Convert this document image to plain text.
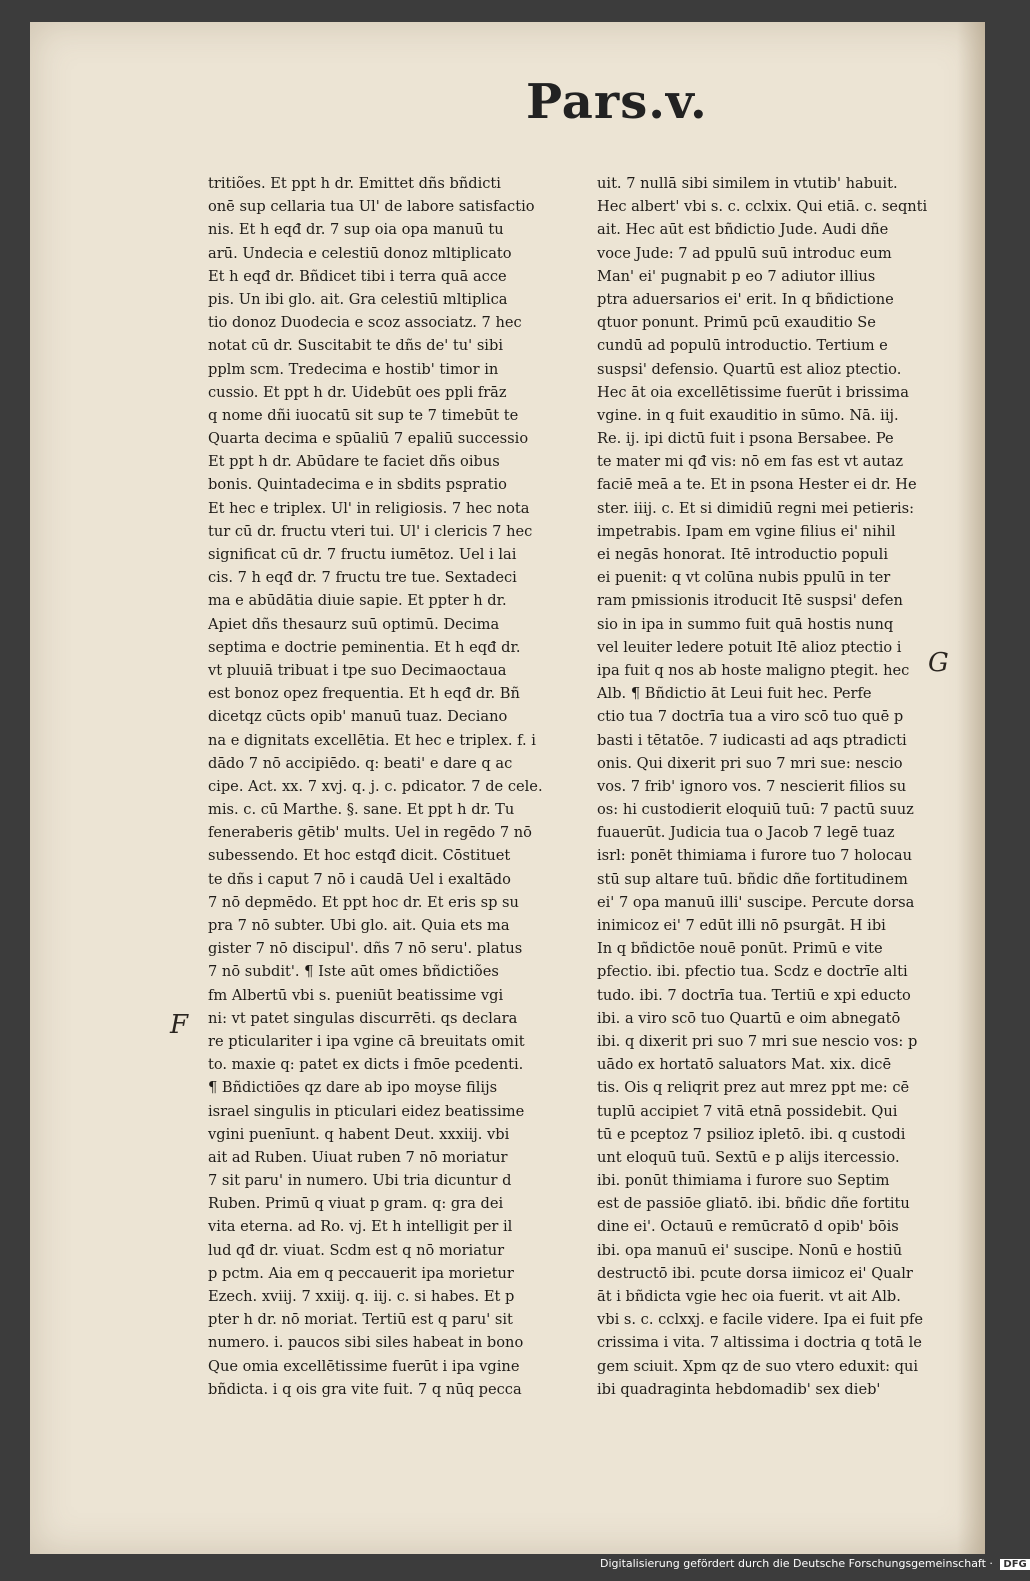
Pars.v.
tritiões. Et ppt h dr. Emittet dñs bñdicti
onē sup cellaria tua Ul' de labore satisfactio
nis. Et h eqđ dr. 7 sup oia opa manuū tu
arū. Undecia e celestiū donoz mltiplicato
Et h eqđ dr. Bñdicet tibi i terra quā acce
pis. Un ibi glo. ait. Gra celestiū mltiplica
tio donoz Duodecia e scoz associatz. 7 hec
notat cū dr. Suscitabit te dñs de' tu' sibi
pplm scm. Tredecima e hostib' timor in
cussio. Et ppt h dr. Uidebūt oes ppli frāz
q nome dñi iuocatū sit sup te 7 timebūt te
Quarta decima e spūaliū 7 epaliū successio
Et ppt h dr. Abūdare te faciet dñs oibus
bonis. Quintadecima e in sbdits pspratio
Et hec e triplex. Ul' in religiosis. 7 hec nota
tur cū dr. fructu vteri tui. Ul' i clericis 7 hec
significat cū dr. 7 fructu iumētoz. Uel i lai
cis. 7 h eqđ dr. 7 fructu tre tue. Sextadeci
ma e abūdātia diuie sapie. Et ppter h dr.
Apiet dñs thesaurz suū optimū. Decima
septima e doctrie peminentia. Et h eqđ dr.
vt pluuiā tribuat i tpe suo Decimaoctaua
est bonoz opez frequentia. Et h eqđ dr. Bñ
dicetqz cūcts opib' manuū tuaz. Deciano
na e dignitats excellētia. Et hec e triplex. f. i
dādo 7 nō accipiēdo. q: beati' e dare q ac
cipe. Act. xx. 7 xvj. q. j. c. pdicator. 7 de cele.
mis. c. cū Marthe. §. sane. Et ppt h dr. Tu
feneraberis gētib' mults. Uel in regēdo 7 nō
subessendo. Et hoc estqđ dicit. Cōstituet
te dñs i caput 7 nō i caudā Uel i exaltādo
7 nō depmēdo. Et ppt hoc dr. Et eris sp su
pra 7 nō subter. Ubi glo. ait. Quia ets ma
gister 7 nō discipul'. dñs 7 nō seru'. platus
7 nō subdit'. ¶ Iste aūt omes bñdictiões
fm Albertū vbi s. pueniūt beatissime vgi
ni: vt patet singulas discurrēti. qs declara
re pticulariter i ipa vgine cā breuitats omit
to. maxie q: patet ex dicts i fmōe pcedenti.
¶ Bñdictiōes qz dare ab ipo moyse filijs
israel singulis in pticulari eidez beatissime
vgini puenīunt. q habent Deut. xxxiij. vbi
ait ad Ruben. Uiuat ruben 7 nō moriatur
7 sit paru' in numero. Ubi tria dicuntur d
Ruben. Primū q viuat p gram. q: gra dei
vita eterna. ad Ro. vj. Et h intelligit per il
lud qđ dr. viuat. Scdm est q nō moriatur
p pctm. Aia em q peccauerit ipa morietur
Ezech. xviij. 7 xxiij. q. iij. c. si habes. Et p
pter h dr. nō moriat. Tertiū est q paru' sit
numero. i. paucos sibi siles habeat in bono
Que omia excellētissime fuerūt i ipa vgine
bñdicta. i q ois gra vite fuit. 7 q nūq pecca
uit. 7 nullā sibi similem in vtutib' habuit.
Hec albert' vbi s. c. cclxix. Qui etiā. c. seqnti
ait. Hec aūt est bñdictio Jude. Audi dñe
voce Jude: 7 ad ppulū suū introduc eum
Man' ei' pugnabit p eo 7 adiutor illius
ptra aduersarios ei' erit. In q bñdictione
qtuor ponunt. Primū pcū exauditio Se
cundū ad populū introductio. Tertium e
suspsi' defensio. Quartū est alioz ptectio.
Hec āt oia excellētissime fuerūt i brissima
vgine. in q fuit exauditio in sūmo. Nā. iij.
Re. ij. ipi dictū fuit i psona Bersabee. Pe
te mater mi qđ vis: nō em fas est vt autaz
faciē meā a te. Et in psona Hester ei dr. He
ster. iiij. c. Et si dimidiū regni mei petieris:
impetrabis. Ipam em vgine filius ei' nihil
ei negās honorat. Itē introductio populi
ei puenit: q vt colūna nubis ppulū in ter
ram pmissionis itroducit Itē suspsi' defen
sio in ipa in summo fuit quā hostis nunq
vel leuiter ledere potuit Itē alioz ptectio i
ipa fuit q nos ab hoste maligno ptegit. hec
Alb. ¶ Bñdictio āt Leui fuit hec. Perfe
ctio tua 7 doctrīa tua a viro scō tuo quē p
basti i tētatōe. 7 iudicasti ad aqs ptradicti
onis. Qui dixerit pri suo 7 mri sue: nescio
vos. 7 frib' ignoro vos. 7 nescierit filios su
os: hi custodierit eloquiū tuū: 7 pactū suuz
fuauerūt. Judicia tua o Jacob 7 legē tuaz
isrl: ponēt thimiama i furore tuo 7 holocau
stū sup altare tuū. bñdic dñe fortitudinem
ei' 7 opa manuū illi' suscipe. Percute dorsa
inimicoz ei' 7 edūt illi nō psurgāt. H ibi
In q bñdictōe nouē ponūt. Primū e vite
pfectio. ibi. pfectio tua. Scdz e doctrīe alti
tudo. ibi. 7 doctrīa tua. Tertiū e xpi educto
ibi. a viro scō tuo Quartū e oim abnegatō
ibi. q dixerit pri suo 7 mri sue nescio vos: p
uādo ex hortatō saluators Mat. xix. dicē
tis. Ois q reliqrit prez aut mrez ppt me: cē
tuplū accipiet 7 vitā etnā possidebit. Qui
tū e pceptoz 7 psilioz ipletō. ibi. q custodi
unt eloquū tuū. Sextū e p alijs itercessio.
ibi. ponūt thimiama i furore suo Septim
est de passiōe gliatō. ibi. bñdic dñe fortitu
dine ei'. Octauū e remūcratō d opib' bōis
ibi. opa manuū ei' suscipe. Nonū e hostiū
destructō ibi. pcute dorsa iimicoz ei' Qualr
āt i bñdicta vgie hec oia fuerit. vt ait Alb.
vbi s. c. cclxxj. e facile videre. Ipa ei fuit pfe
crissima i vita. 7 altissima i doctria q totā le
gem sciuit. Xpm qz de suo vtero eduxit: qui
ibi quadraginta hebdomadib' sex dieb'
G
F
Digitalisierung gefördert durch die Deutsche Forschungsgemeinschaft · DFG
